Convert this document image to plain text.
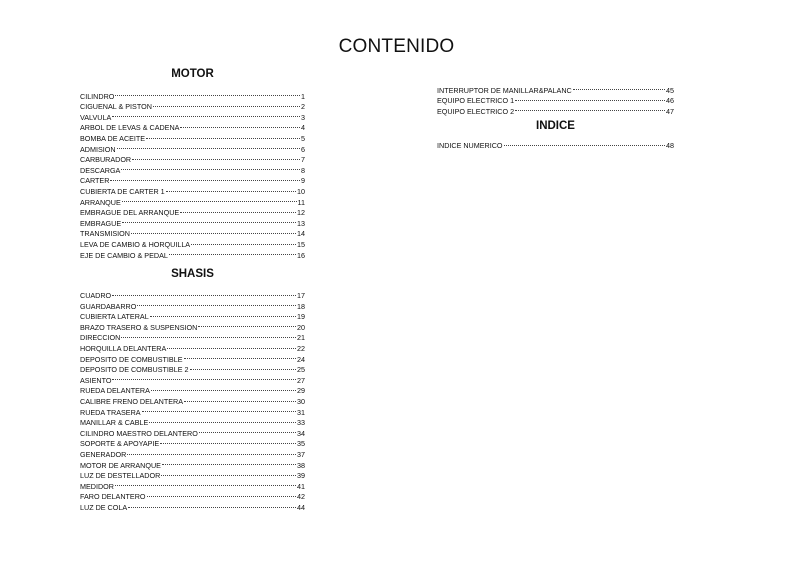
CONTENIDO
MOTOR
CILINDRO	1
CIGUENAL & PISTON	2
VALVULA	3
ARBOL DE LEVAS & CADENA	4
BOMBA DE ACEITE	5
ADMISION	6
CARBURADOR	7
DESCARGA	8
CARTER	9
CUBIERTA DE CARTER 1	10
ARRANQUE	11
EMBRAGUE DEL ARRANQUE	12
EMBRAGUE	13
TRANSMISION	14
LEVA DE CAMBIO & HORQUILLA	15
EJE DE CAMBIO & PEDAL	16
SHASIS
CUADRO	17
GUARDABARRO	18
CUBIERTA LATERAL	19
BRAZO TRASERO & SUSPENSION	20
DIRECCION	21
HORQUILLA DELANTERA	22
DEPOSITO DE COMBUSTIBLE	24
DEPOSITO DE COMBUSTIBLE 2	25
ASIENTO	27
RUEDA DELANTERA	29
CALIBRE FRENO DELANTERA	30
RUEDA TRASERA	31
MANILLAR & CABLE	33
CILINDRO MAESTRO DELANTERO	34
SOPORTE & APOYAPIE	35
GENERADOR	37
MOTOR DE ARRANQUE	38
LUZ DE DESTELLADOR	39
MEDIDOR	41
FARO DELANTERO	42
LUZ DE COLA	44
INTERRUPTOR DE MANILLAR&PALANC	45
EQUIPO ELECTRICO 1	46
EQUIPO ELECTRICO 2	47
INDICE
INDICE NUMERICO	48
